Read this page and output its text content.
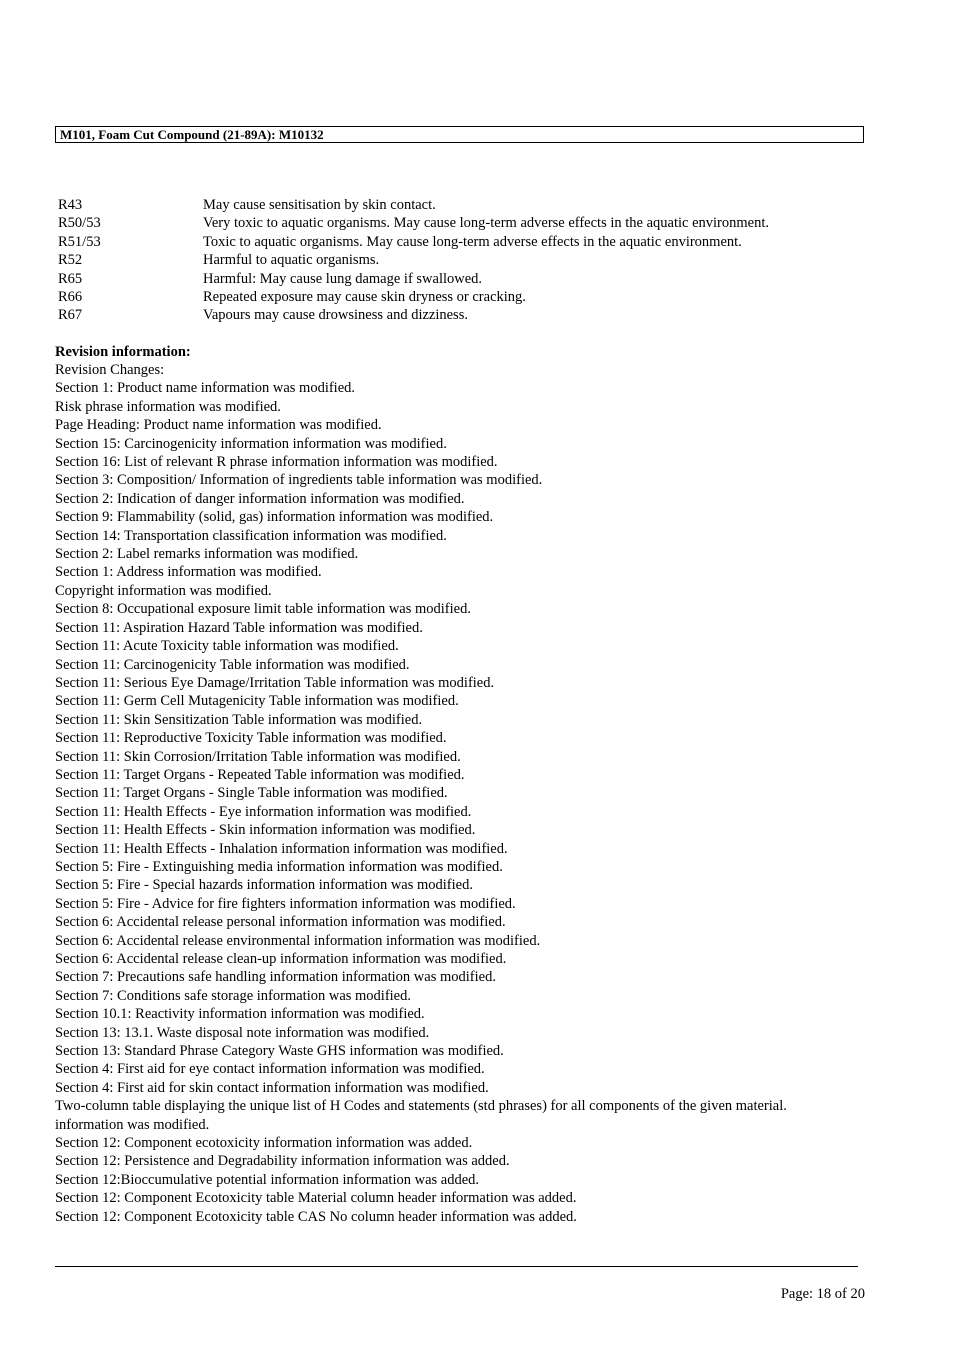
M101, Foam Cut Compound (21-89A): M10132
R43	May cause sensitisation by skin contact.
R50/53	Very toxic to aquatic organisms. May cause long-term adverse effects in the aquatic environment.
R51/53	Toxic to aquatic organisms. May cause long-term adverse effects in the aquatic environment.
R52	Harmful to aquatic organisms.
R65	Harmful: May cause lung damage if swallowed.
R66	Repeated exposure may cause skin dryness or cracking.
R67	Vapours may cause drowsiness and dizziness.
Revision information:
Revision Changes:
Section 1: Product name information was modified.
Risk phrase information was modified.
Page Heading: Product name information was modified.
Section 15: Carcinogenicity information information was modified.
Section 16: List of relevant R phrase information information was modified.
Section 3: Composition/ Information of ingredients table information was modified.
Section 2: Indication of danger information information was modified.
Section 9: Flammability (solid, gas) information information was modified.
Section 14: Transportation classification information was modified.
Section 2: Label remarks information was modified.
Section 1: Address information was modified.
Copyright information was modified.
Section 8: Occupational exposure limit table information was modified.
Section 11: Aspiration Hazard Table information was modified.
Section 11: Acute Toxicity table information was modified.
Section 11: Carcinogenicity Table information was modified.
Section 11: Serious Eye Damage/Irritation Table information was modified.
Section 11: Germ Cell Mutagenicity Table information was modified.
Section 11: Skin Sensitization Table information was modified.
Section 11: Reproductive Toxicity Table information was modified.
Section 11: Skin Corrosion/Irritation Table information was modified.
Section 11: Target Organs - Repeated Table information was modified.
Section 11: Target Organs - Single Table information was modified.
Section 11: Health Effects - Eye information information was modified.
Section 11: Health Effects - Skin information information was modified.
Section 11: Health Effects - Inhalation information information was modified.
Section 5: Fire - Extinguishing media information information was modified.
Section 5: Fire - Special hazards information information was modified.
Section 5: Fire - Advice for fire fighters information information was modified.
Section 6: Accidental release personal information information was modified.
Section 6: Accidental release environmental information information was modified.
Section 6: Accidental release clean-up information information was modified.
Section 7: Precautions safe handling information information was modified.
Section 7: Conditions safe storage information was modified.
Section 10.1: Reactivity information information was modified.
Section 13: 13.1. Waste disposal note information was modified.
Section 13: Standard Phrase Category Waste GHS information was modified.
Section 4: First aid for eye contact information information was modified.
Section 4: First aid for skin contact information information was modified.
Two-column table displaying the unique list of H Codes and statements (std phrases) for all components of the given material. information was modified.
Section 12: Component ecotoxicity information information was added.
Section 12: Persistence and Degradability information information was added.
Section 12:Bioccumulative potential information information was added.
Section 12: Component Ecotoxicity table Material column header information was added.
Section 12: Component Ecotoxicity table CAS No column header information was added.
Page: 18 of 20
